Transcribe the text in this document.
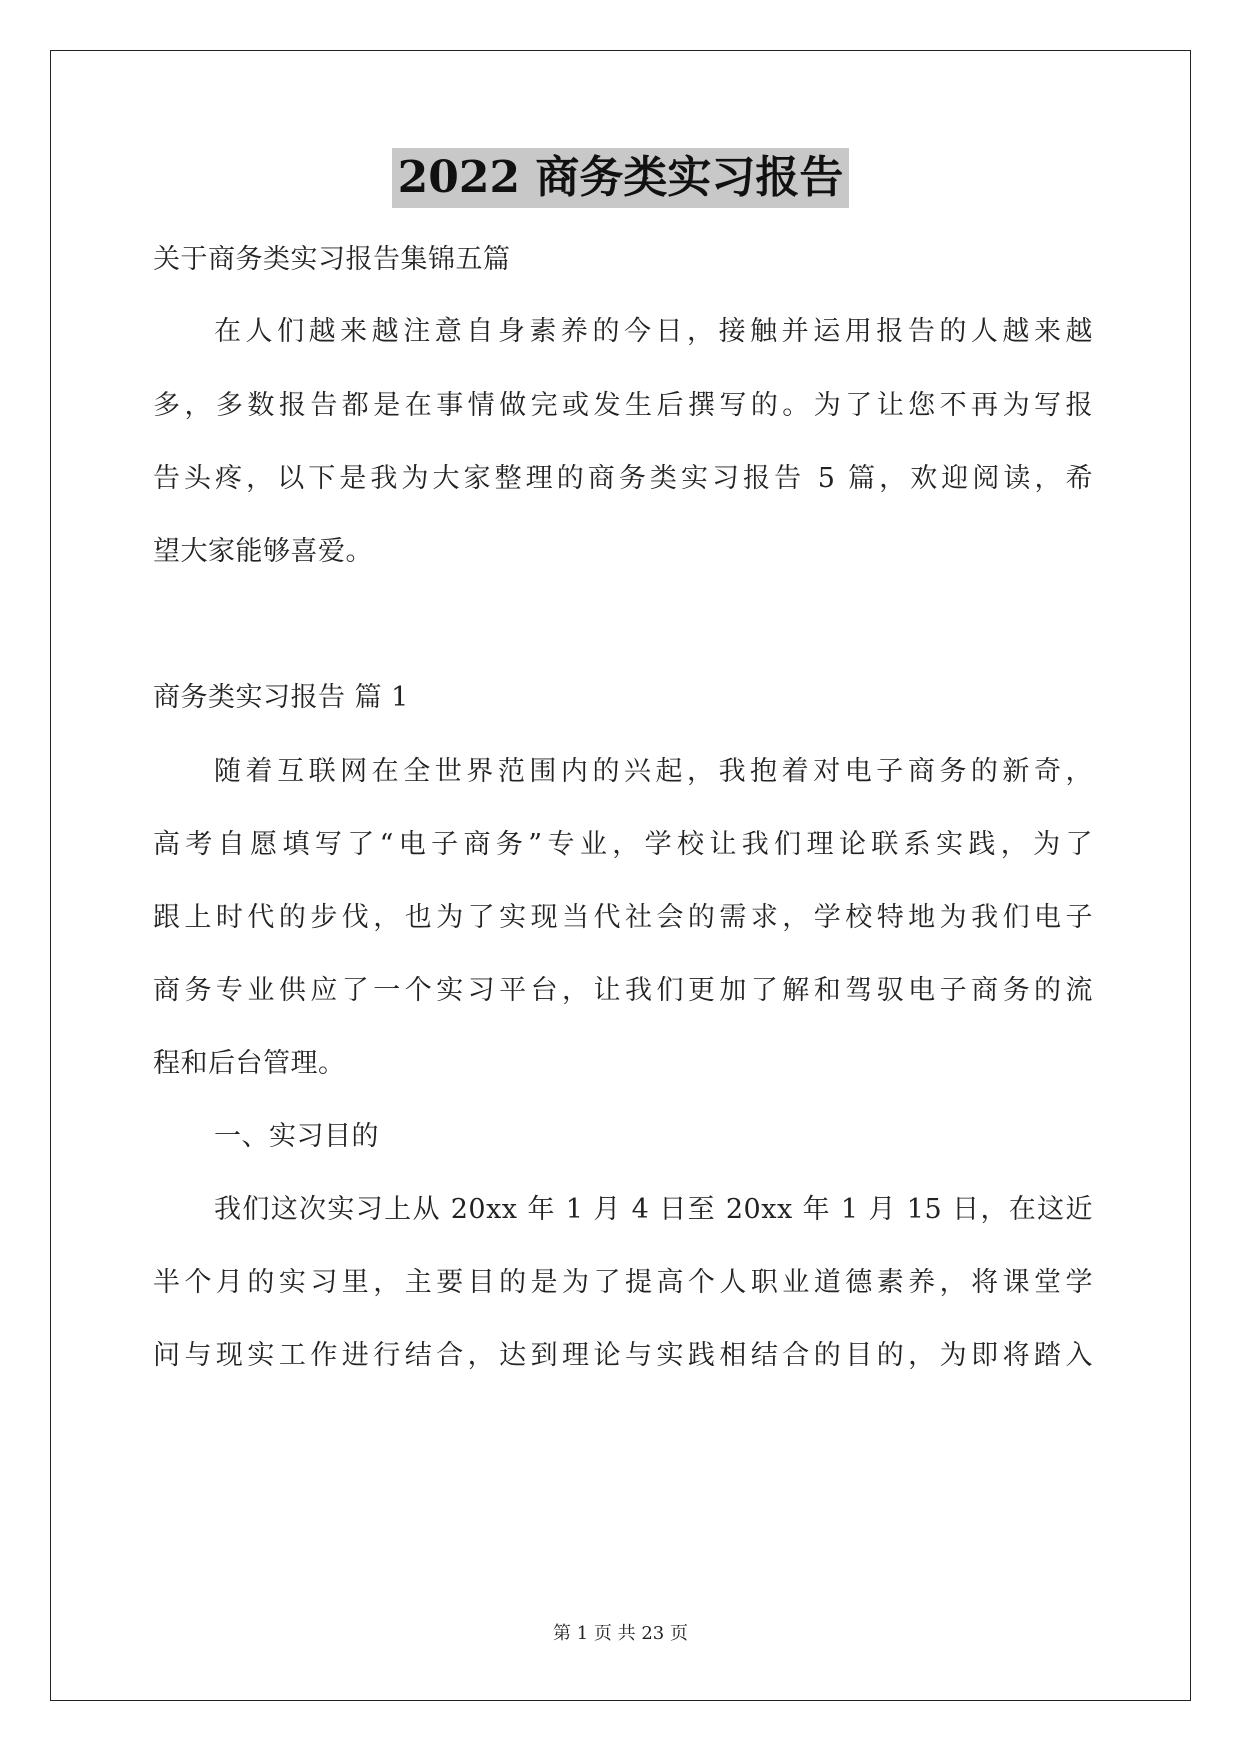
2022 商务类实习报告
关于商务类实习报告集锦五篇
在人们越来越注意自身素养的今日，接触并运用报告的人越来越
多，多数报告都是在事情做完或发生后撰写的。为了让您不再为写报
告头疼，以下是我为大家整理的商务类实习报告 5 篇，欢迎阅读，希
望大家能够喜爱。
商务类实习报告 篇 1
随着互联网在全世界范围内的兴起，我抱着对电子商务的新奇，
高考自愿填写了“电子商务”专业，学校让我们理论联系实践，为了
跟上时代的步伐，也为了实现当代社会的需求，学校特地为我们电子
商务专业供应了一个实习平台，让我们更加了解和驾驭电子商务的流
程和后台管理。
一、实习目的
我们这次实习上从 20xx 年 1 月 4 日至 20xx 年 1 月 15 日，在这近
半个月的实习里，主要目的是为了提高个人职业道德素养，将课堂学
问与现实工作进行结合，达到理论与实践相结合的目的，为即将踏入
第 1 页 共 23 页
